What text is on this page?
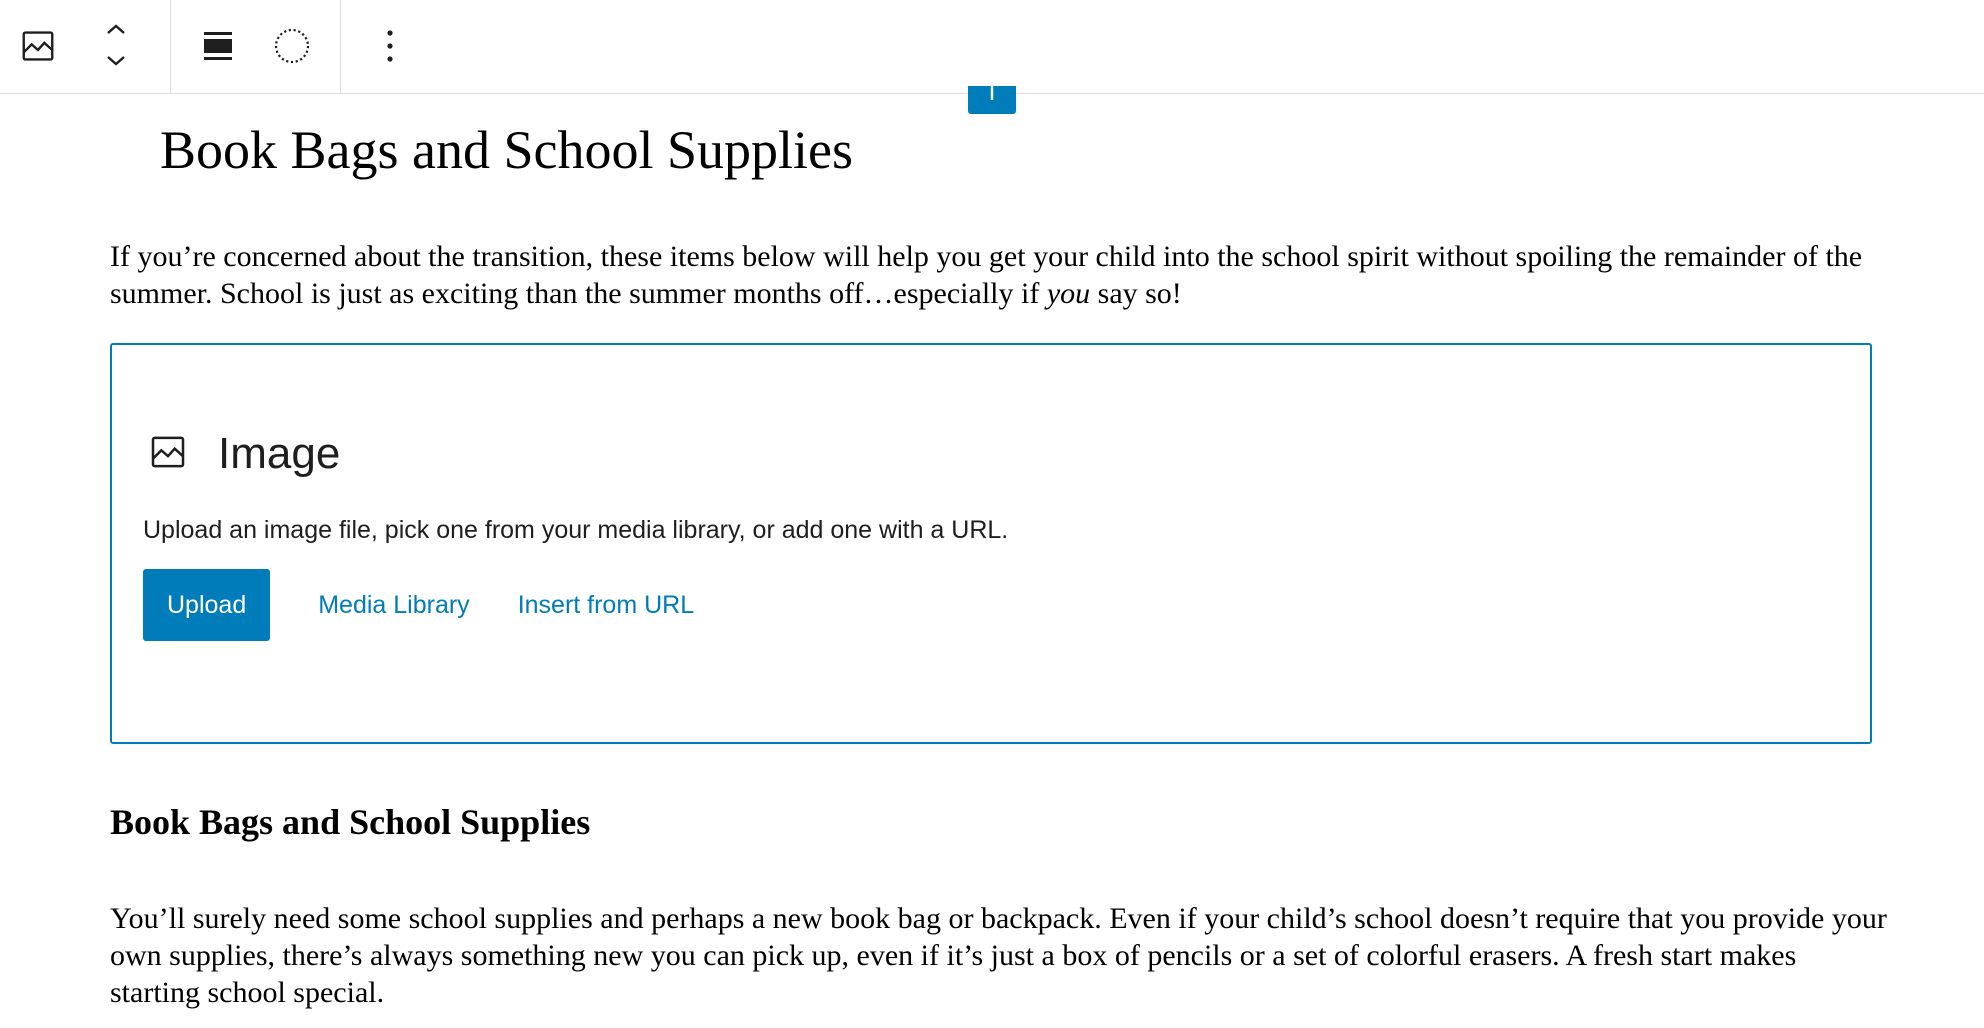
Book Bags and School Supplies

If you’re concerned about the transition, these items below will help you get your child into the school spirit without spoiling the remainder of the summer. School is just as exciting than the summer months off…especially if you say so!

Image
Upload an image file, pick one from your media library, or add one with a URL.
Upload	Media Library	Insert from URL
Book Bags and School Supplies

You’ll surely need some school supplies and perhaps a new book bag or backpack. Even if your child’s school doesn’t require that you provide your own supplies, there’s always something new you can pick up, even if it’s just a box of pencils or a set of colorful erasers. A fresh start makes starting school special.
